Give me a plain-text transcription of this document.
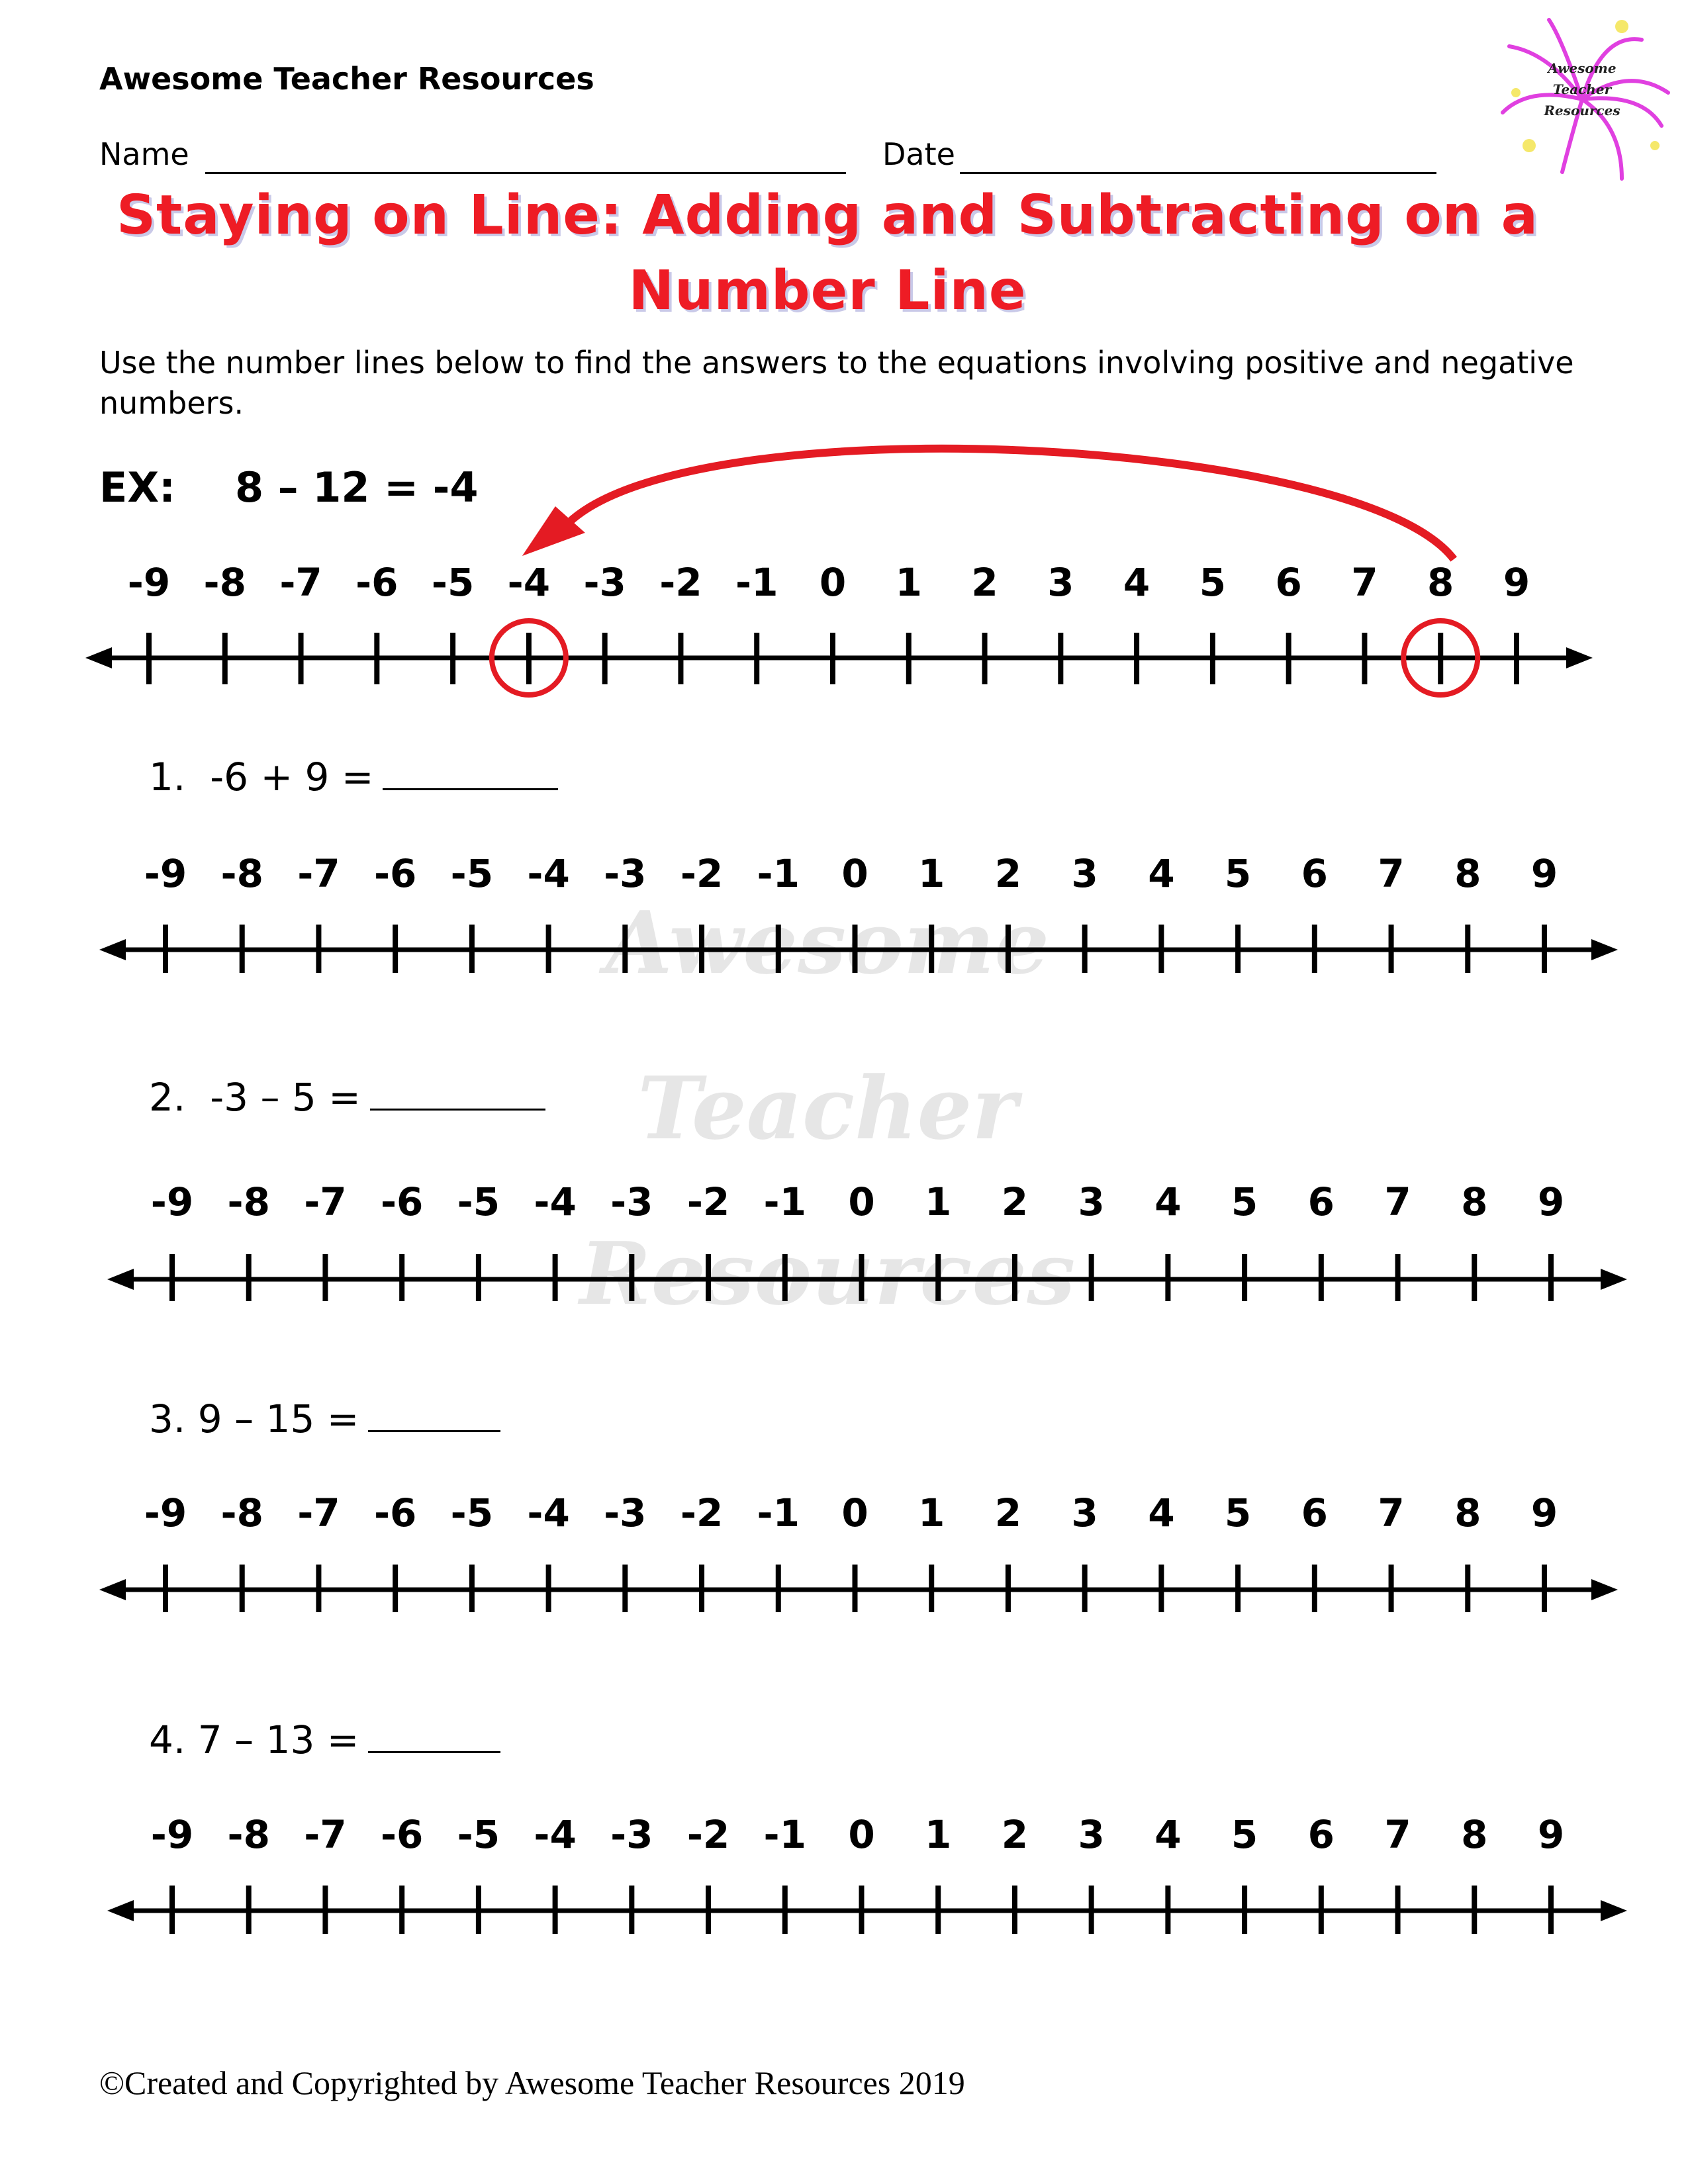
Awesome
Teacher
Resources
Awesome Teacher Resources	Awesome
Teacher
Resources
Name	Date
Staying on Line: Adding and Subtracting on a
Number Line
Use the number lines below to find the answers to the equations involving positive and negative numbers.
EX: 8 – 12 = -4
1. -6 + 9 =
2. -3 – 5 =
3. 9 – 15 =
4. 7 – 13 =
-9 -8 -7 -6 -5 -4 -3 -2 -1 0 1 2 3 4 5 6 7 8 9
-9 -8 -7 -6 -5 -4 -3 -2 -1 0 1 2 3 4 5 6 7 8 9
-9 -8 -7 -6 -5 -4 -3 -2 -1 0 1 2 3 4 5 6 7 8 9
-9 -8 -7 -6 -5 -4 -3 -2 -1 0 1 2 3 4 5 6 7 8 9
-9 -8 -7 -6 -5 -4 -3 -2 -1 0 1 2 3 4 5 6 7 8 9
©Created and Copyrighted by Awesome Teacher Resources 2019
